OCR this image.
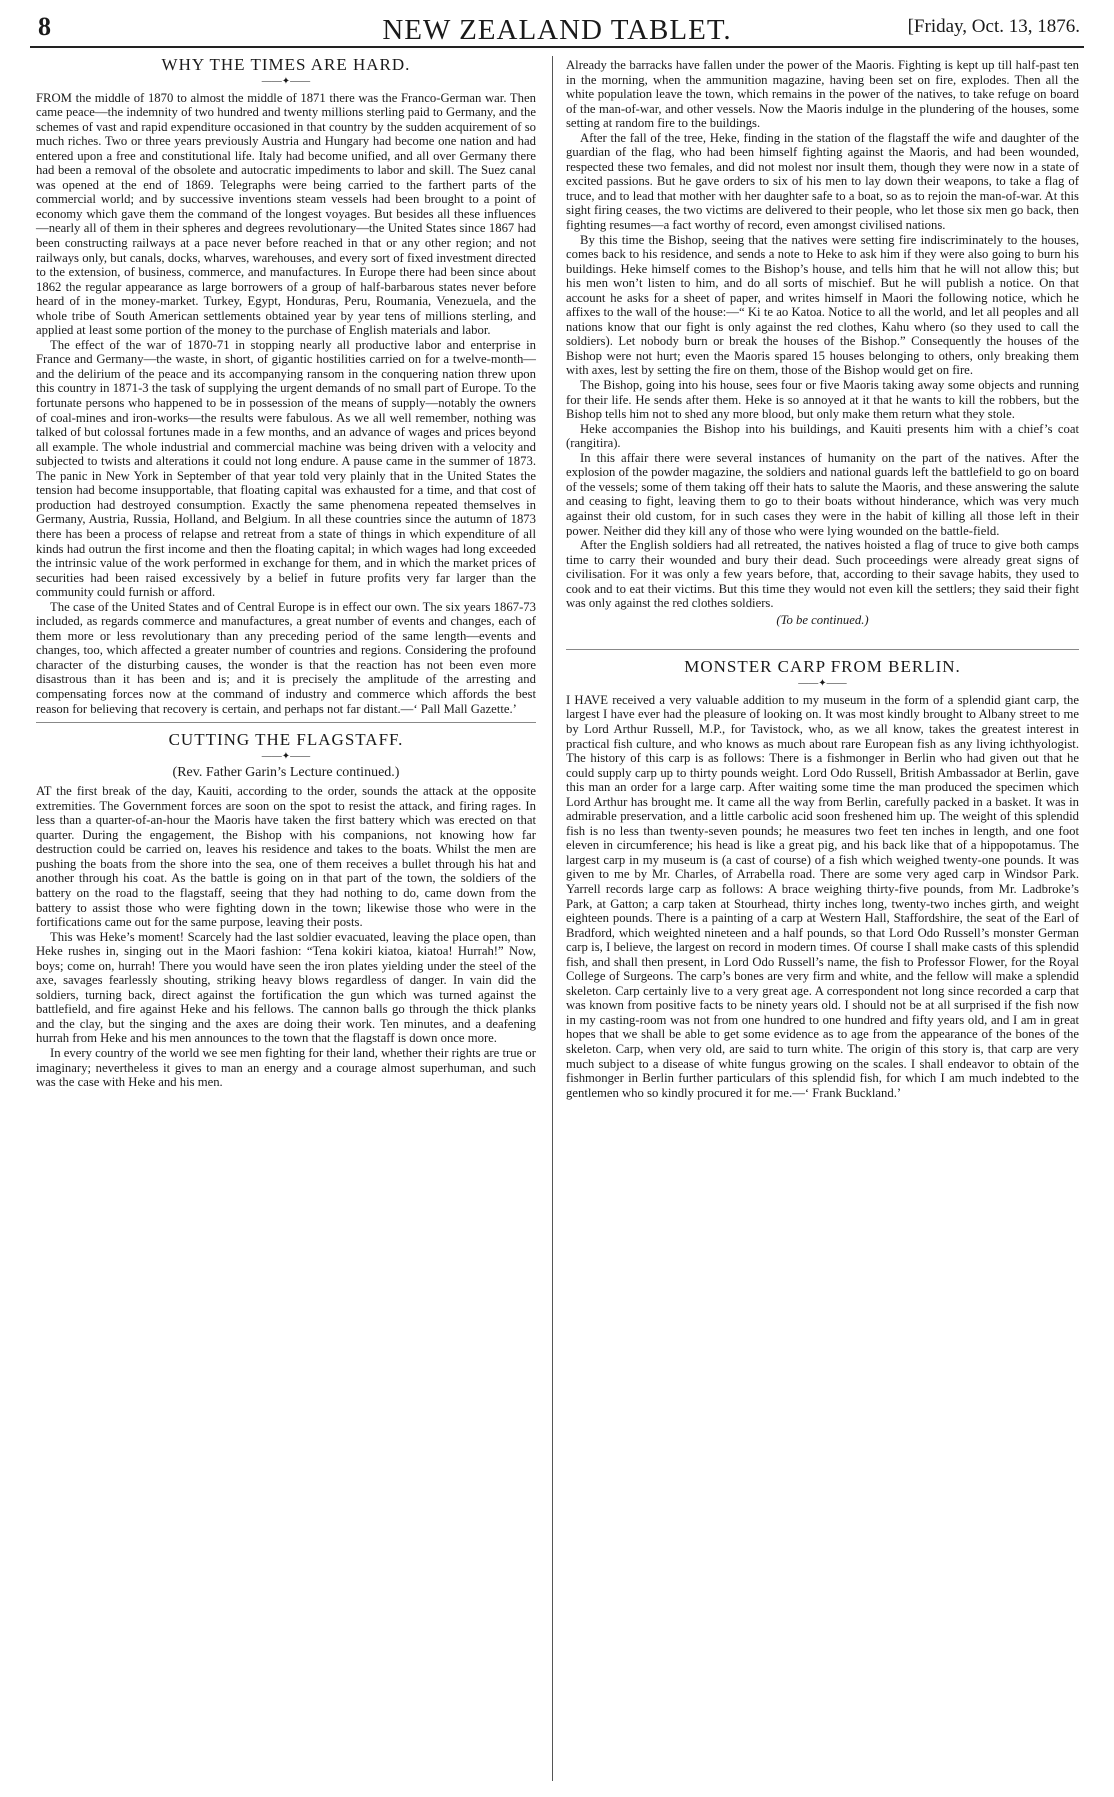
8	NEW ZEALAND TABLET.	[Friday, Oct. 13, 1876.
WHY THE TIMES ARE HARD.
——✦——

FROM the middle of 1870 to almost the middle of 1871 there was the Franco-German war. Then came peace—the indemnity of two hundred and twenty millions sterling paid to Germany, and the schemes of vast and rapid expenditure occasioned in that country by the sudden acquirement of so much riches. Two or three years previously Austria and Hungary had become one nation and had entered upon a free and constitutional life. Italy had become unified, and all over Germany there had been a removal of the obsolete and autocratic impediments to labor and skill. The Suez canal was opened at the end of 1869. Telegraphs were being carried to the farthert parts of the commercial world; and by successive inventions steam vessels had been brought to a point of economy which gave them the command of the longest voyages. But besides all these influences—nearly all of them in their spheres and degrees revolutionary—the United States since 1867 had been constructing railways at a pace never before reached in that or any other region; and not railways only, but canals, docks, wharves, warehouses, and every sort of fixed investment directed to the extension, of business, commerce, and manufactures. In Europe there had been since about 1862 the regular appearance as large borrowers of a group of half-barbarous states never before heard of in the money-market. Turkey, Egypt, Honduras, Peru, Roumania, Venezuela, and the whole tribe of South American settlements obtained year by year tens of millions sterling, and applied at least some portion of the money to the purchase of English materials and labor.

The effect of the war of 1870-71 in stopping nearly all productive labor and enterprise in France and Germany—the waste, in short, of gigantic hostilities carried on for a twelve-month—and the delirium of the peace and its accompanying ransom in the conquering nation threw upon this country in 1871-3 the task of supplying the urgent demands of no small part of Europe. To the fortunate persons who happened to be in possession of the means of supply—notably the owners of coal-mines and iron-works—the results were fabulous. As we all well remember, nothing was talked of but colossal fortunes made in a few months, and an advance of wages and prices beyond all example. The whole industrial and commercial machine was being driven with a velocity and subjected to twists and alterations it could not long endure. A pause came in the summer of 1873. The panic in New York in September of that year told very plainly that in the United States the tension had become insupportable, that floating capital was exhausted for a time, and that cost of production had destroyed consumption. Exactly the same phenomena repeated themselves in Germany, Austria, Russia, Holland, and Belgium. In all these countries since the autumn of 1873 there has been a process of relapse and retreat from a state of things in which expenditure of all kinds had outrun the first income and then the floating capital; in which wages had long exceeded the intrinsic value of the work performed in exchange for them, and in which the market prices of securities had been raised excessively by a belief in future profits very far larger than the community could furnish or afford.

The case of the United States and of Central Europe is in effect our own. The six years 1867-73 included, as regards commerce and manufactures, a great number of events and changes, each of them more or less revolutionary than any preceding period of the same length—events and changes, too, which affected a greater number of countries and regions. Considering the profound character of the disturbing causes, the wonder is that the reaction has not been even more disastrous than it has been and is; and it is precisely the amplitude of the arresting and compensating forces now at the command of industry and commerce which affords the best reason for believing that recovery is certain, and perhaps not far distant.—‘ Pall Mall Gazette.’

CUTTING THE FLAGSTAFF.
——✦——
(Rev. Father Garin’s Lecture continued.)

AT the first break of the day, Kauiti, according to the order, sounds the attack at the opposite extremities. The Government forces are soon on the spot to resist the attack, and firing rages. In less than a quarter-of-an-hour the Maoris have taken the first battery which was erected on that quarter. During the engagement, the Bishop with his companions, not knowing how far destruction could be carried on, leaves his residence and takes to the boats. Whilst the men are pushing the boats from the shore into the sea, one of them receives a bullet through his hat and another through his coat. As the battle is going on in that part of the town, the soldiers of the battery on the road to the flagstaff, seeing that they had nothing to do, came down from the battery to assist those who were fighting down in the town; likewise those who were in the fortifications came out for the same purpose, leaving their posts.

This was Heke’s moment! Scarcely had the last soldier evacuated, leaving the place open, than Heke rushes in, singing out in the Maori fashion: “Tena kokiri kiatoa, kiatoa! Hurrah!” Now, boys; come on, hurrah! There you would have seen the iron plates yielding under the steel of the axe, savages fearlessly shouting, striking heavy blows regardless of danger. In vain did the soldiers, turning back, direct against the fortification the gun which was turned against the battlefield, and fire against Heke and his fellows. The cannon balls go through the thick planks and the clay, but the singing and the axes are doing their work. Ten minutes, and a deafening hurrah from Heke and his men announces to the town that the flagstaff is down once more.

In every country of the world we see men fighting for their land, whether their rights are true or imaginary; nevertheless it gives to man an energy and a courage almost superhuman, and such was the case with Heke and his men.

Already the barracks have fallen under the power of the Maoris. Fighting is kept up till half-past ten in the morning, when the ammunition magazine, having been set on fire, explodes. Then all the white population leave the town, which remains in the power of the natives, to take refuge on board of the man-of-war, and other vessels. Now the Maoris indulge in the plundering of the houses, some setting at random fire to the buildings.

After the fall of the tree, Heke, finding in the station of the flagstaff the wife and daughter of the guardian of the flag, who had been himself fighting against the Maoris, and had been wounded, respected these two females, and did not molest nor insult them, though they were now in a state of excited passions. But he gave orders to six of his men to lay down their weapons, to take a flag of truce, and to lead that mother with her daughter safe to a boat, so as to rejoin the man-of-war. At this sight firing ceases, the two victims are delivered to their people, who let those six men go back, then fighting resumes—a fact worthy of record, even amongst civilised nations.

By this time the Bishop, seeing that the natives were setting fire indiscriminately to the houses, comes back to his residence, and sends a note to Heke to ask him if they were also going to burn his buildings. Heke himself comes to the Bishop’s house, and tells him that he will not allow this; but his men won’t listen to him, and do all sorts of mischief. But he will publish a notice. On that account he asks for a sheet of paper, and writes himself in Maori the following notice, which he affixes to the wall of the house:—“ Ki te ao Katoa. Notice to all the world, and let all peoples and all nations know that our fight is only against the red clothes, Kahu whero (so they used to call the soldiers). Let nobody burn or break the houses of the Bishop.” Consequently the houses of the Bishop were not hurt; even the Maoris spared 15 houses belonging to others, only breaking them with axes, lest by setting the fire on them, those of the Bishop would get on fire.

The Bishop, going into his house, sees four or five Maoris taking away some objects and running for their life. He sends after them. Heke is so annoyed at it that he wants to kill the robbers, but the Bishop tells him not to shed any more blood, but only make them return what they stole.

Heke accompanies the Bishop into his buildings, and Kauiti presents him with a chief’s coat (rangitira).

In this affair there were several instances of humanity on the part of the natives. After the explosion of the powder magazine, the soldiers and national guards left the battlefield to go on board of the vessels; some of them taking off their hats to salute the Maoris, and these answering the salute and ceasing to fight, leaving them to go to their boats without hinderance, which was very much against their old custom, for in such cases they were in the habit of killing all those left in their power. Neither did they kill any of those who were lying wounded on the battle-field.

After the English soldiers had all retreated, the natives hoisted a flag of truce to give both camps time to carry their wounded and bury their dead. Such proceedings were already great signs of civilisation. For it was only a few years before, that, according to their savage habits, they used to cook and to eat their victims. But this time they would not even kill the settlers; they said their fight was only against the red clothes soldiers.

(To be continued.)
MONSTER CARP FROM BERLIN.
——✦——

I HAVE received a very valuable addition to my museum in the form of a splendid giant carp, the largest I have ever had the pleasure of looking on. It was most kindly brought to Albany street to me by Lord Arthur Russell, M.P., for Tavistock, who, as we all know, takes the greatest interest in practical fish culture, and who knows as much about rare European fish as any living ichthyologist. The history of this carp is as follows: There is a fishmonger in Berlin who had given out that he could supply carp up to thirty pounds weight. Lord Odo Russell, British Ambassador at Berlin, gave this man an order for a large carp. After waiting some time the man produced the specimen which Lord Arthur has brought me. It came all the way from Berlin, carefully packed in a basket. It was in admirable preservation, and a little carbolic acid soon freshened him up. The weight of this splendid fish is no less than twenty-seven pounds; he measures two feet ten inches in length, and one foot eleven in circumference; his head is like a great pig, and his back like that of a hippopotamus. The largest carp in my museum is (a cast of course) of a fish which weighed twenty-one pounds. It was given to me by Mr. Charles, of Arrabella road. There are some very aged carp in Windsor Park. Yarrell records large carp as follows: A brace weighing thirty-five pounds, from Mr. Ladbroke’s Park, at Gatton; a carp taken at Stourhead, thirty inches long, twenty-two inches girth, and weight eighteen pounds. There is a painting of a carp at Western Hall, Staffordshire, the seat of the Earl of Bradford, which weighted nineteen and a half pounds, so that Lord Odo Russell’s monster German carp is, I believe, the largest on record in modern times. Of course I shall make casts of this splendid fish, and shall then present, in Lord Odo Russell’s name, the fish to Professor Flower, for the Royal College of Surgeons. The carp’s bones are very firm and white, and the fellow will make a splendid skeleton. Carp certainly live to a very great age. A correspondent not long since recorded a carp that was known from positive facts to be ninety years old. I should not be at all surprised if the fish now in my casting-room was not from one hundred to one hundred and fifty years old, and I am in great hopes that we shall be able to get some evidence as to age from the appearance of the bones of the skeleton. Carp, when very old, are said to turn white. The origin of this story is, that carp are very much subject to a disease of white fungus growing on the scales. I shall endeavor to obtain of the fishmonger in Berlin further particulars of this splendid fish, for which I am much indebted to the gentlemen who so kindly procured it for me.—‘ Frank Buckland.’
